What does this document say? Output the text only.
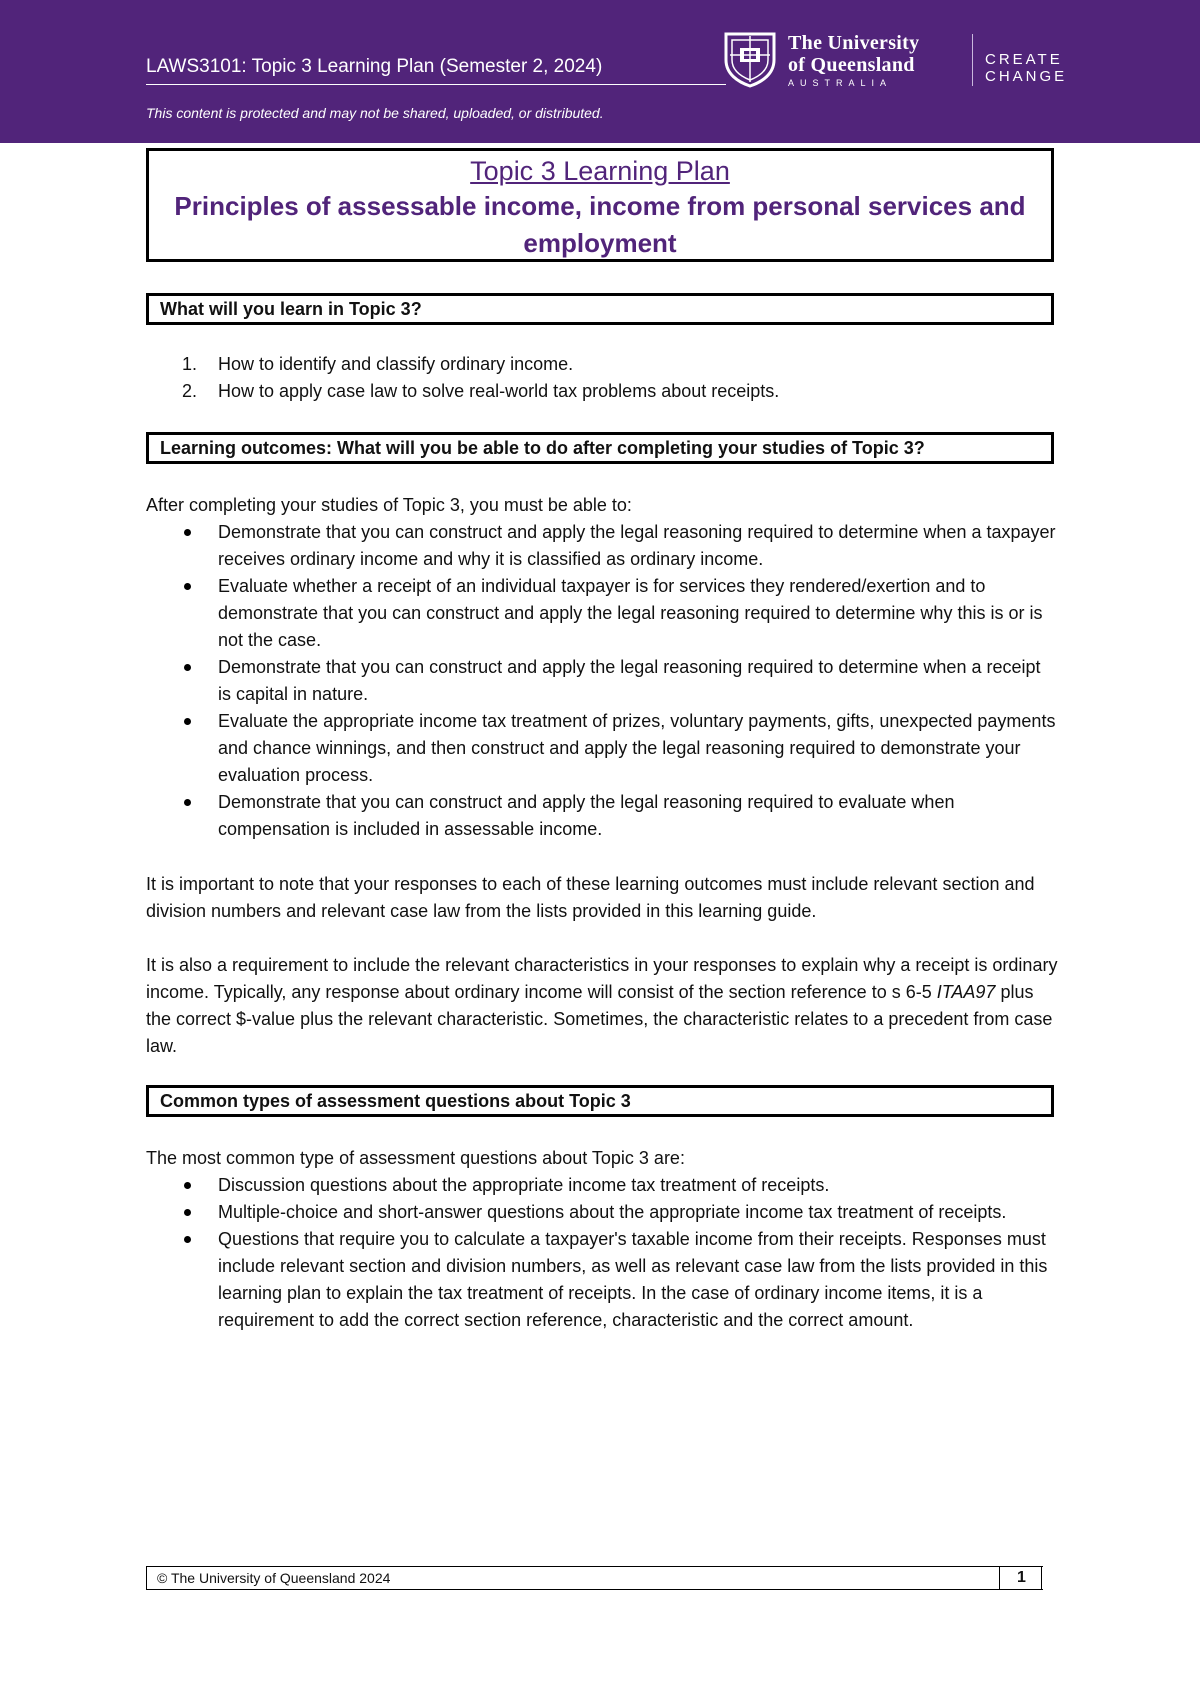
LAWS3101: Topic 3 Learning Plan (Semester 2, 2024)
This content is protected and may not be shared, uploaded, or distributed.
The University
of Queensland
AUSTRALIA
CREATE CHANGE
Topic 3 Learning Plan
Principles of assessable income, income from personal services and employment
What will you learn in Topic 3?
1. How to identify and classify ordinary income.
2. How to apply case law to solve real-world tax problems about receipts.
Learning outcomes: What will you be able to do after completing your studies of Topic 3?
After completing your studies of Topic 3, you must be able to:
Demonstrate that you can construct and apply the legal reasoning required to determine when a taxpayer receives ordinary income and why it is classified as ordinary income.
Evaluate whether a receipt of an individual taxpayer is for services they rendered/exertion and to demonstrate that you can construct and apply the legal reasoning required to determine why this is or is not the case.
Demonstrate that you can construct and apply the legal reasoning required to determine when a receipt is capital in nature.
Evaluate the appropriate income tax treatment of prizes, voluntary payments, gifts, unexpected payments and chance winnings, and then construct and apply the legal reasoning required to demonstrate your evaluation process.
Demonstrate that you can construct and apply the legal reasoning required to evaluate when compensation is included in assessable income.
It is important to note that your responses to each of these learning outcomes must include relevant section and division numbers and relevant case law from the lists provided in this learning guide.
It is also a requirement to include the relevant characteristics in your responses to explain why a receipt is ordinary income. Typically, any response about ordinary income will consist of the section reference to s 6-5 ITAA97 plus the correct $-value plus the relevant characteristic. Sometimes, the characteristic relates to a precedent from case law.
Common types of assessment questions about Topic 3
The most common type of assessment questions about Topic 3 are:
Discussion questions about the appropriate income tax treatment of receipts.
Multiple-choice and short-answer questions about the appropriate income tax treatment of receipts.
Questions that require you to calculate a taxpayer's taxable income from their receipts. Responses must include relevant section and division numbers, as well as relevant case law from the lists provided in this learning plan to explain the tax treatment of receipts. In the case of ordinary income items, it is a requirement to add the correct section reference, characteristic and the correct amount.
© The University of Queensland 2024	1
